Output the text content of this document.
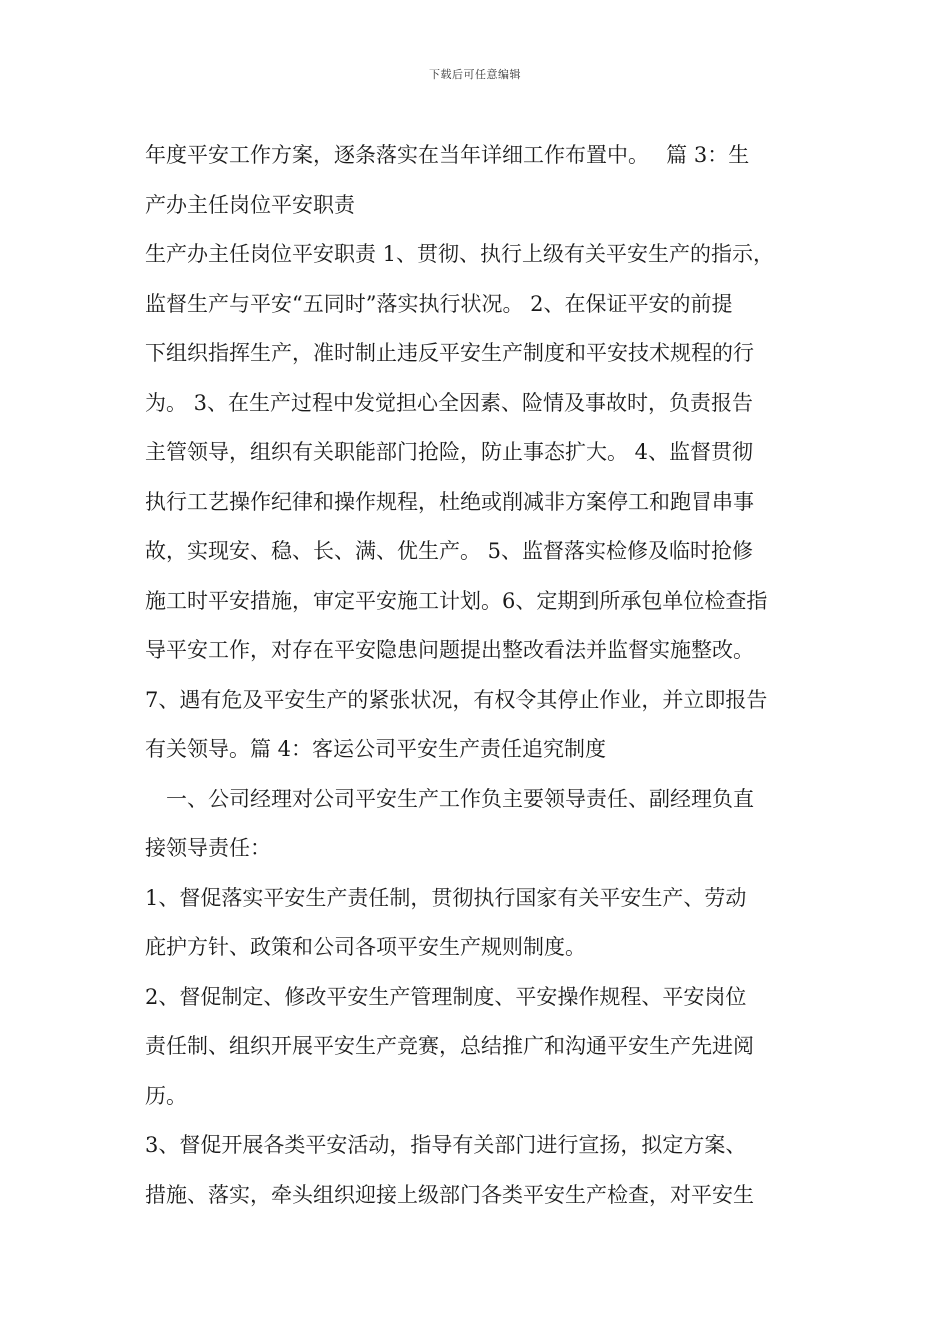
下载后可任意编辑
年度平安工作方案，逐条落实在当年详细工作布置中。　 篇 3：生
产办主任岗位平安职责
生产办主任岗位平安职责 1、贯彻、执行上级有关平安生产的指示，
监督生产与平安“五同时”落实执行状况。 2、在保证平安的前提
下组织指挥生产，准时制止违反平安生产制度和平安技术规程的行
为。 3、在生产过程中发觉担心全因素、险情及事故时，负责报告
主管领导，组织有关职能部门抢险，防止事态扩大。 4、监督贯彻
执行工艺操作纪律和操作规程，杜绝或削减非方案停工和跑冒串事
故，实现安、稳、长、满、优生产。 5、监督落实检修及临时抢修
施工时平安措施，审定平安施工计划。6、定期到所承包单位检查指
导平安工作，对存在平安隐患问题提出整改看法并监督实施整改。
7、遇有危及平安生产的紧张状况，有权令其停止作业，并立即报告
有关领导。篇 4：客运公司平安生产责任追究制度
　一、公司经理对公司平安生产工作负主要领导责任、副经理负直
接领导责任：
1、督促落实平安生产责任制，贯彻执行国家有关平安生产、劳动
庇护方针、政策和公司各项平安生产规则制度。
2、督促制定、修改平安生产管理制度、平安操作规程、平安岗位
责任制、组织开展平安生产竞赛，总结推广和沟通平安生产先进阅
历。
3、督促开展各类平安活动，指导有关部门进行宣扬，拟定方案、
措施、落实，牵头组织迎接上级部门各类平安生产检查，对平安生
